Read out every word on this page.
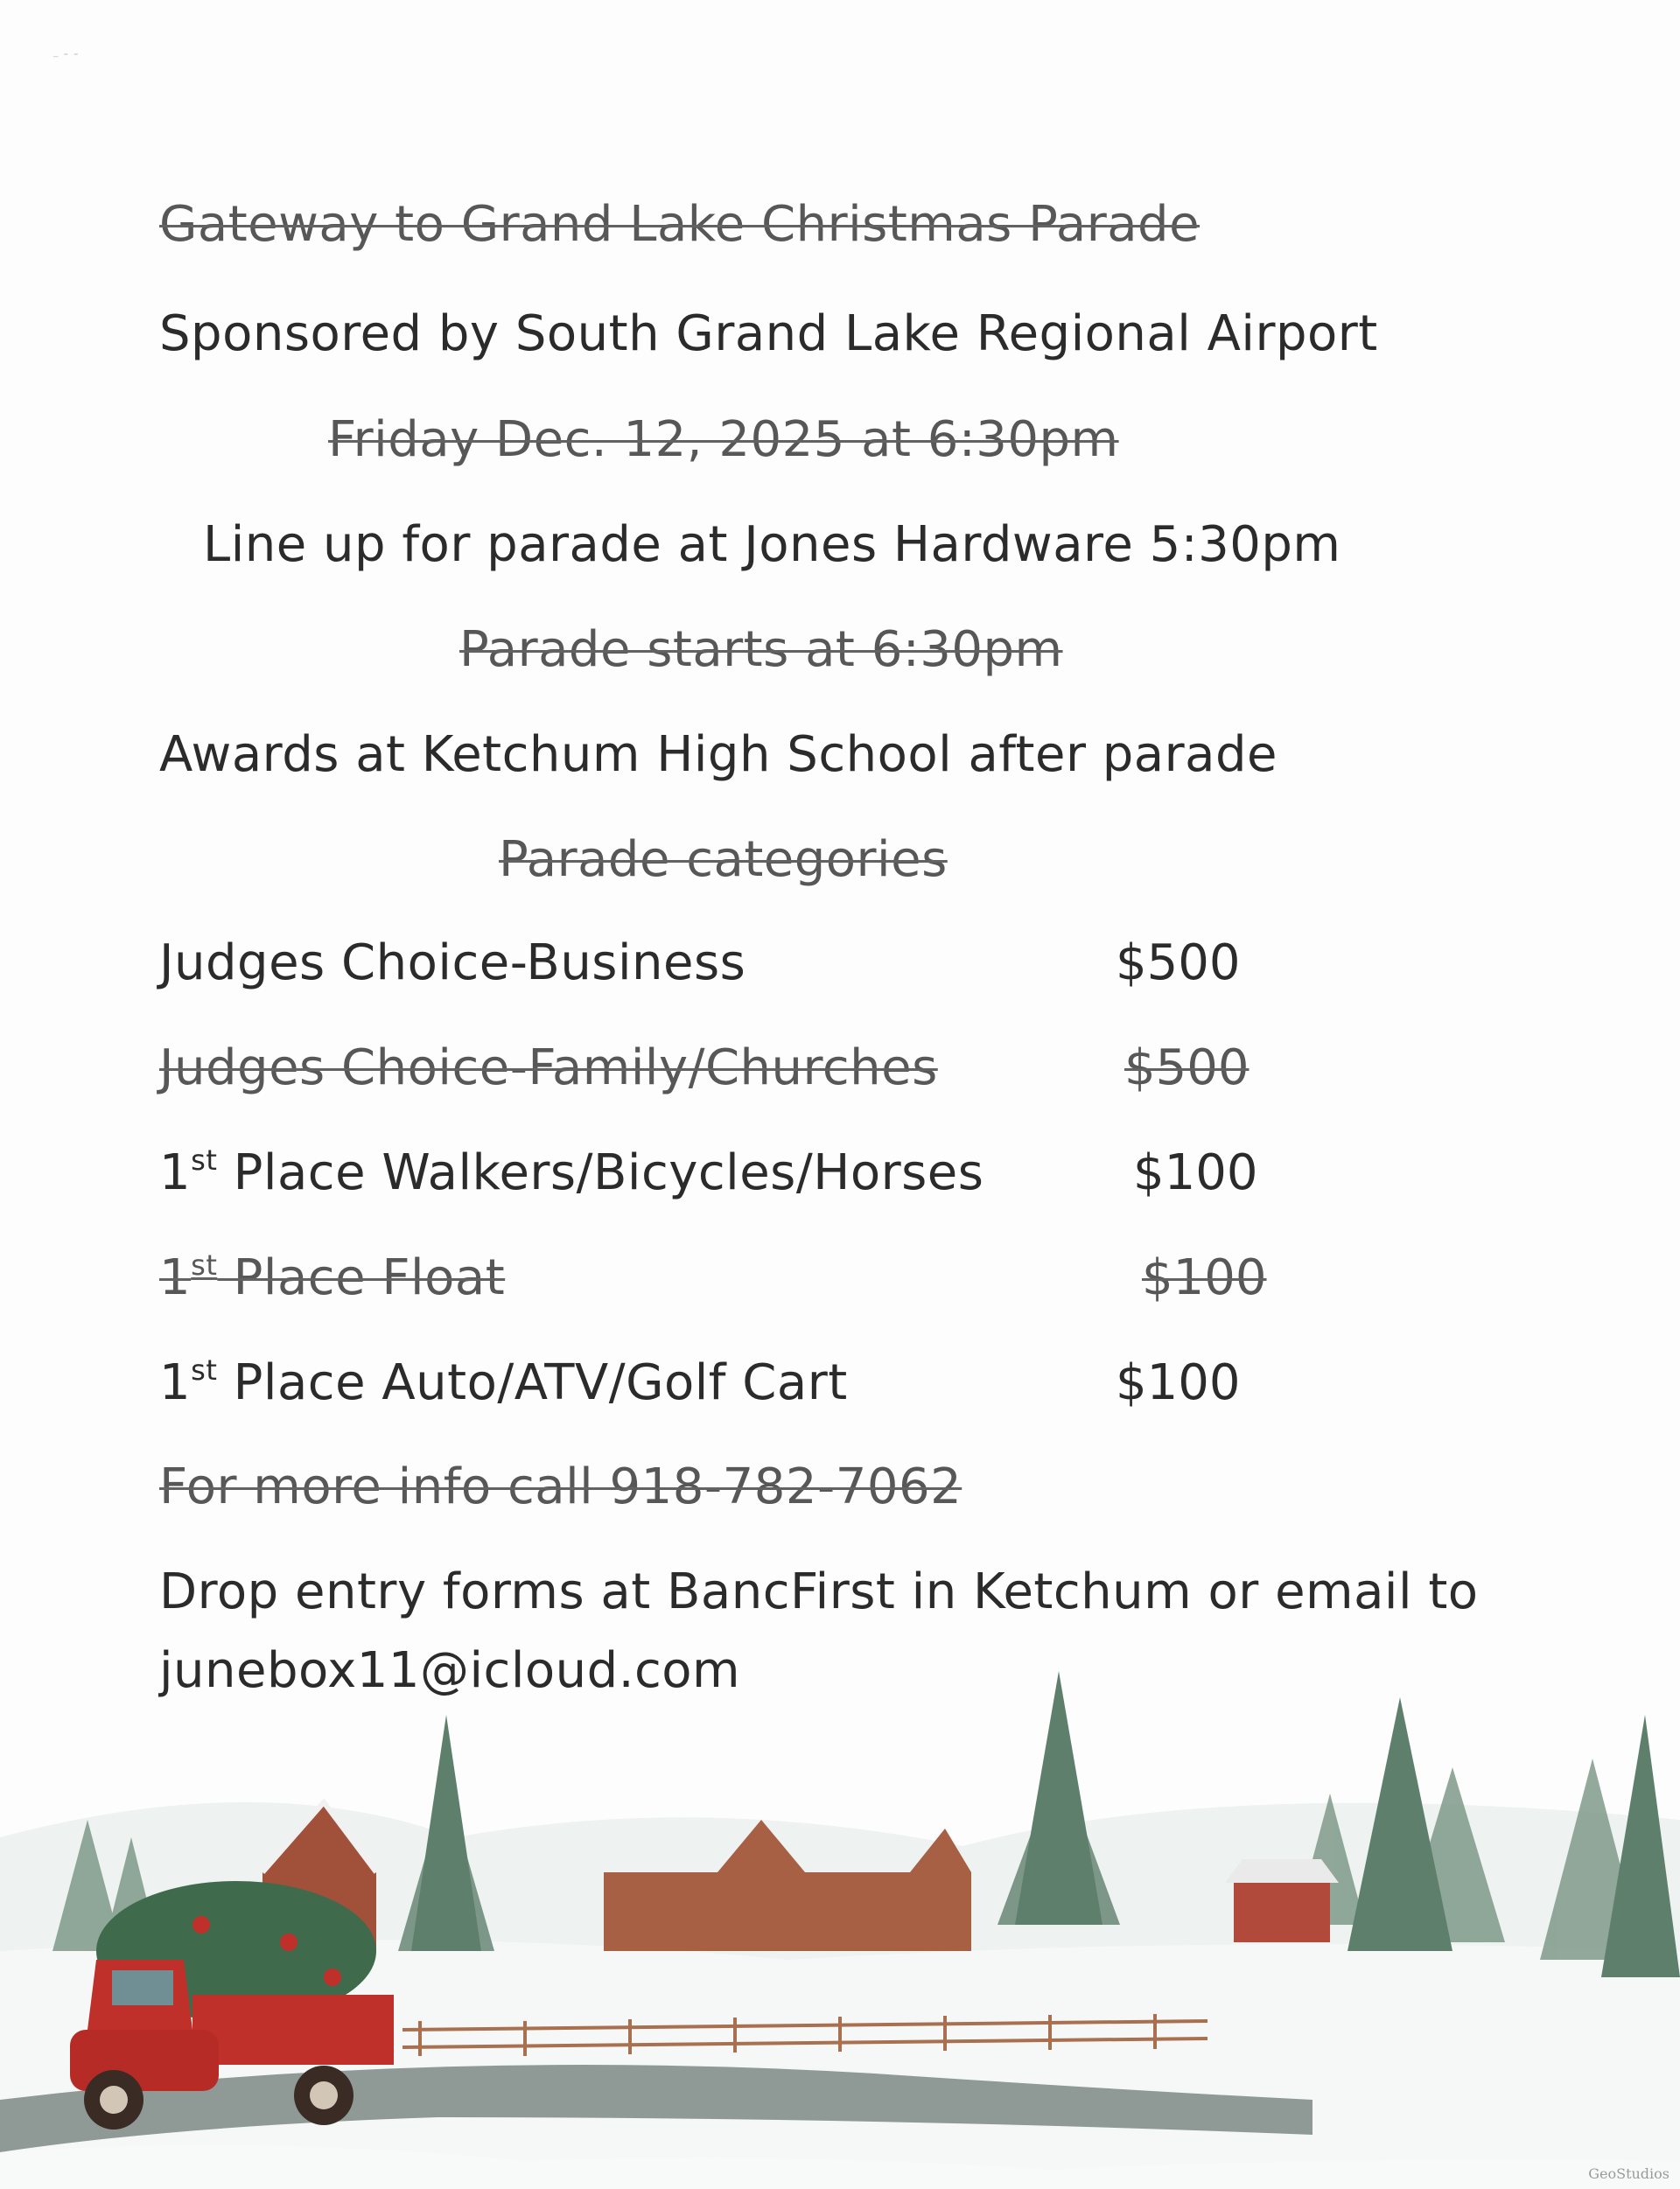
⁻ ˉ ˉ
Gateway to Grand Lake Christmas Parade
Sponsored by South Grand Lake Regional Airport
Friday Dec. 12, 2025 at 6:30pm
Line up for parade at Jones Hardware 5:30pm
Parade starts at 6:30pm
Awards at Ketchum High School after parade
Parade categories
Judges Choice-Business	$500
Judges Choice-Family/Churches	$500
1st Place Walkers/Bicycles/Horses	$100
1st Place Float	$100
1st Place Auto/ATV/Golf Cart	$100
For more info call 918-782-7062
Drop entry forms at BancFirst in Ketchum or email to
junebox11@icloud.com
GeoStudios
